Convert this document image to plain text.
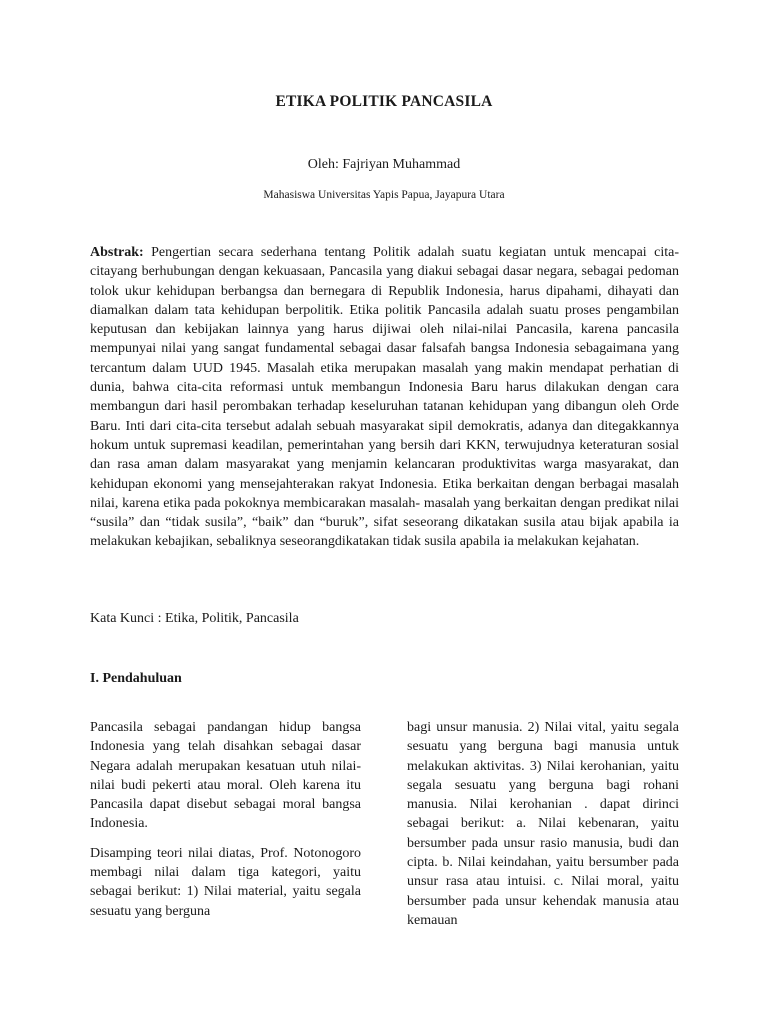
ETIKA POLITIK PANCASILA
Oleh: Fajriyan Muhammad
Mahasiswa Universitas Yapis Papua, Jayapura Utara

Abstrak: Pengertian secara sederhana tentang Politik adalah suatu kegiatan untuk mencapai cita-citayang berhubungan dengan kekuasaan, Pancasila yang diakui sebagai dasar negara, sebagai pedoman tolok ukur kehidupan berbangsa dan bernegara di Republik Indonesia, harus dipahami, dihayati dan diamalkan dalam tata kehidupan berpolitik. Etika politik Pancasila adalah suatu proses pengambilan keputusan dan kebijakan lainnya yang harus dijiwai oleh nilai-nilai Pancasila, karena pancasila mempunyai nilai yang sangat fundamental sebagai dasar falsafah bangsa Indonesia sebagaimana yang tercantum dalam UUD 1945. Masalah etika merupakan masalah yang makin mendapat perhatian di dunia, bahwa cita-cita reformasi untuk membangun Indonesia Baru harus dilakukan dengan cara membangun dari hasil perombakan terhadap keseluruhan tatanan kehidupan yang dibangun oleh Orde Baru. Inti dari cita-cita tersebut adalah sebuah masyarakat sipil demokratis, adanya dan ditegakkannya hokum untuk supremasi keadilan, pemerintahan yang bersih dari KKN, terwujudnya keteraturan sosial dan rasa aman dalam masyarakat yang menjamin kelancaran produktivitas warga masyarakat, dan kehidupan ekonomi yang mensejahterakan rakyat Indonesia. Etika berkaitan dengan berbagai masalah nilai, karena etika pada pokoknya membicarakan masalah- masalah yang berkaitan dengan predikat nilai “susila” dan “tidak susila”, “baik” dan “buruk”, sifat seseorang dikatakan susila atau bijak apabila ia melakukan kebajikan, sebaliknya seseorangdikatakan tidak susila apabila ia melakukan kejahatan.

Kata Kunci : Etika, Politik, Pancasila
I. Pendahuluan

Pancasila sebagai pandangan hidup bangsa Indonesia yang telah disahkan sebagai dasar Negara adalah merupakan kesatuan utuh nilai-nilai budi pekerti atau moral. Oleh karena itu Pancasila dapat disebut sebagai moral bangsa Indonesia.

Disamping teori nilai diatas, Prof. Notonogoro membagi nilai dalam tiga kategori, yaitu sebagai berikut: 1) Nilai material, yaitu segala sesuatu yang berguna

bagi unsur manusia. 2) Nilai vital, yaitu segala sesuatu yang berguna bagi manusia untuk melakukan aktivitas. 3) Nilai kerohanian, yaitu segala sesuatu yang berguna bagi rohani manusia. Nilai kerohanian . dapat dirinci sebagai berikut: a. Nilai kebenaran, yaitu bersumber pada unsur rasio manusia, budi dan cipta. b. Nilai keindahan, yaitu bersumber pada unsur rasa atau intuisi. c. Nilai moral, yaitu bersumber pada unsur kehendak manusia atau kemauan
